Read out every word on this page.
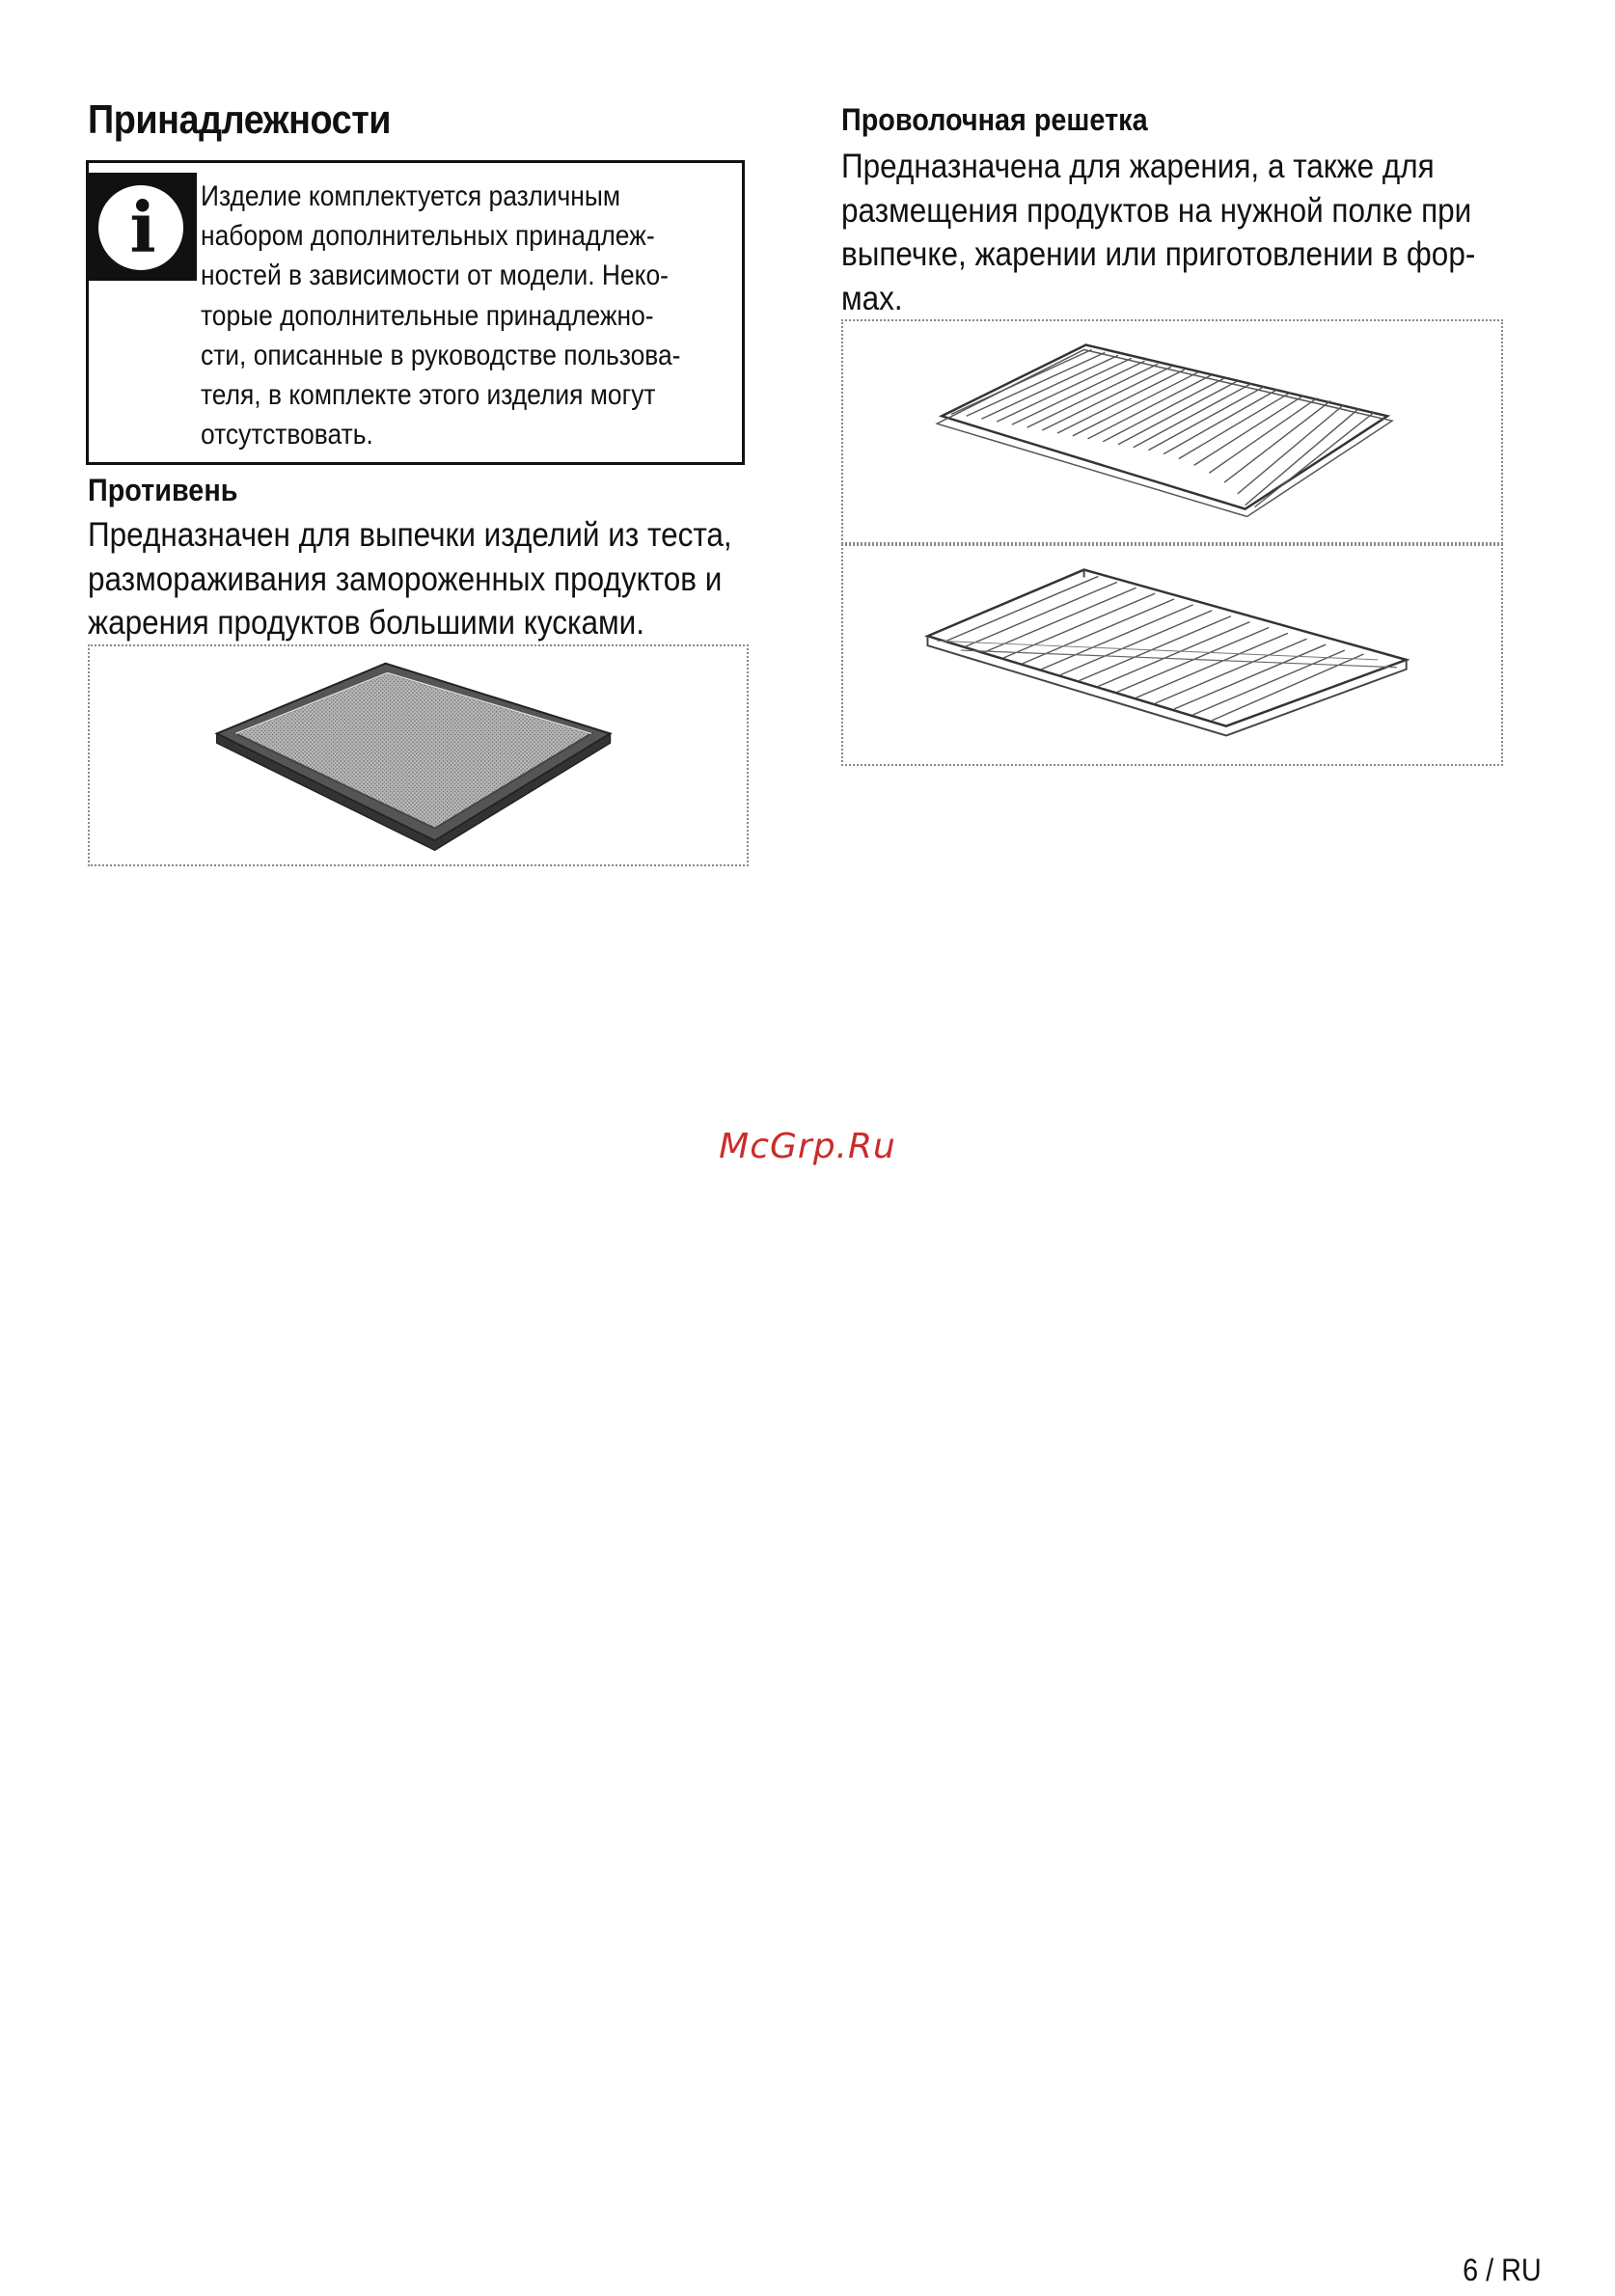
Принадлежности
i	Изделие комплектуется различным
набором дополнительных принадлеж-
ностей в зависимости от модели. Неко-
торые дополнительные принадлежно-
сти, описанные в руководстве пользова-
теля, в комплекте этого изделия могут
отсутствовать.
Противень
Предназначен для выпечки изделий из теста,
размораживания замороженных продуктов и
жарения продуктов большими кусками.
Проволочная решетка
Предназначена для жарения, а также для
размещения продуктов на нужной полке при
выпечке, жарении или приготовлении в фор-
мах.
McGrp.Ru
6 / RU
